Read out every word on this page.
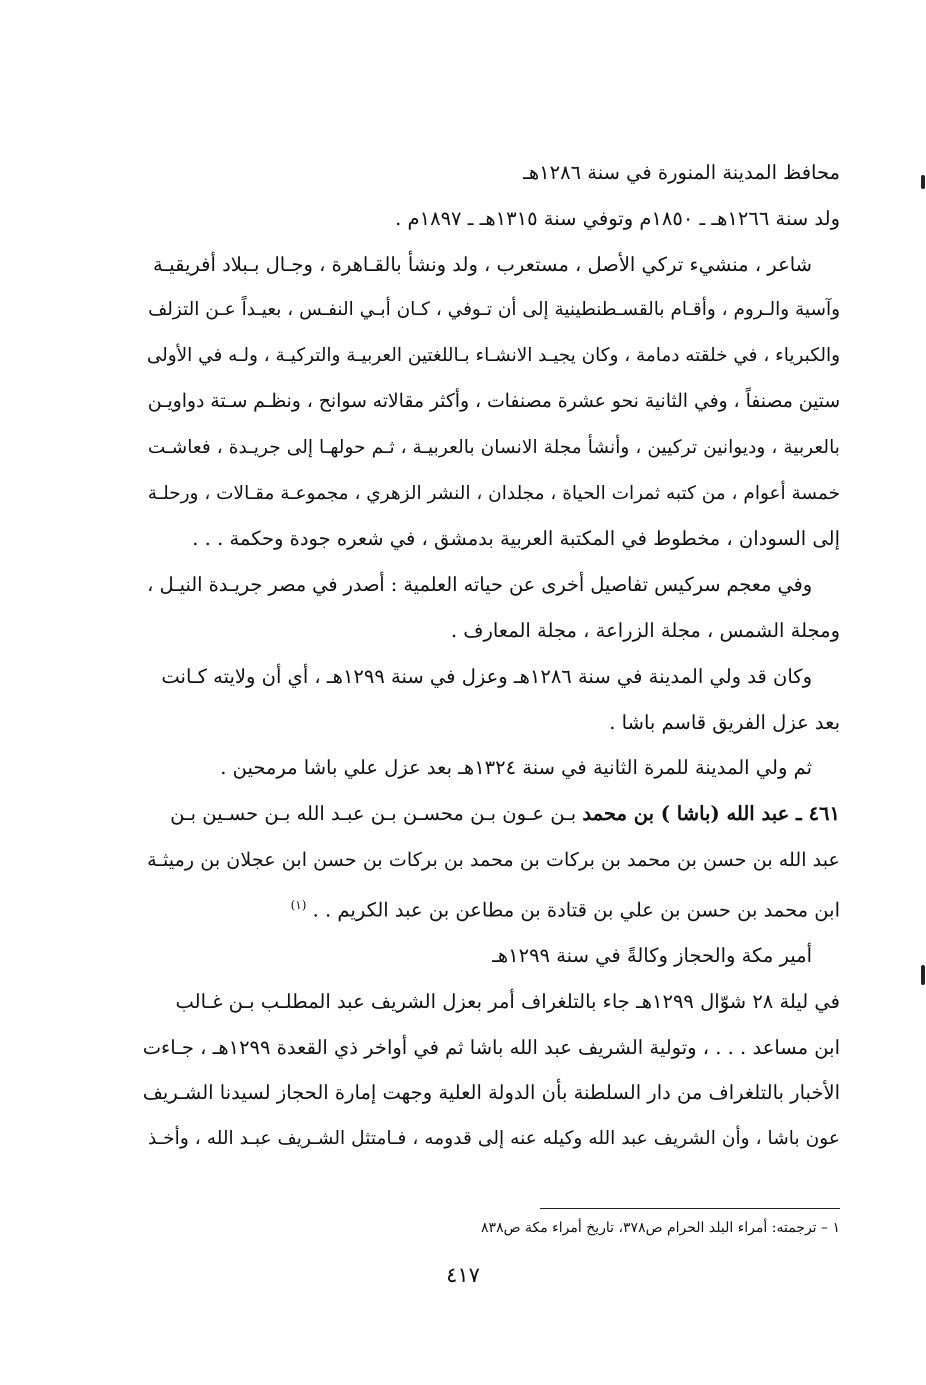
محافظ المدينة المنورة في سنة ١٢٨٦هـ
ولد سنة ١٢٦٦هـ ـ ١٨٥٠م وتوفي سنة ١٣١٥هـ ـ ١٨٩٧م .
شاعر ، منشيء تركي الأصل ، مستعرب ، ولد ونشأ بالقـاهرة ، وجـال بـبلاد أفريقيـة
وآسية والـروم ، وأقـام بالقسـطنطينية إلى أن تـوفي ، كـان أبـي النفـس ، بعيـداً عـن التزلف
والكبرياء ، في خلقته دمامة ، وكان يجيـد الانشـاء بـاللغتين العربيـة والتركيـة ، ولـه في الأولى
ستين مصنفاً ، وفي الثانية نحو عشرة مصنفات ، وأكثر مقالاته سوانح ، ونظـم سـتة دواويـن
بالعربية ، وديوانين تركيين ، وأنشأ مجلة الانسان بالعربيـة ، ثـم حولهـا إلى جريـدة ، فعاشـت
خمسة أعوام ، من كتبه ثمرات الحياة ، مجلدان ، النشر الزهري ، مجموعـة مقـالات ، ورحلـة
إلى السودان ، مخطوط في المكتبة العربية بدمشق ، في شعره جودة وحكمة . . .
وفي معجم سركيس تفاصيل أخرى عن حياته العلمية : أصدر في مصر جريـدة النيـل ،
ومجلة الشمس ، مجلة الزراعة ، مجلة المعارف .
وكان قد ولي المدينة في سنة ١٢٨٦هـ وعزل في سنة ١٢٩٩هـ ، أي أن ولايته كـانت
بعد عزل الفريق قاسم باشا .
ثم ولي المدينة للمرة الثانية في سنة ١٣٢٤هـ بعد عزل علي باشا مرمحين .
٤٦١ ـ عبد الله (باشا ) بن محمد بـن عـون بـن محسـن بـن عبـد الله بـن حسـين بـن
عبد الله بن حسن بن محمد بن بركات بن محمد بن بركات بن حسن ابن عجلان بن رميثـة
ابن محمد بن حسن بن علي بن قتادة بن مطاعن بن عبد الكريم . . $^{(١)}$
أمير مكة والحجاز وكالةً في سنة ١٢٩٩هـ
في ليلة ٢٨ شوّال ١٢٩٩هـ جاء بالتلغراف أمر بعزل الشريف عبد المطلـب بـن غـالب
ابن مساعد . . . ، وتولية الشريف عبد الله باشا ثم في أواخر ذي القعدة ١٢٩٩هـ ، جـاءت
الأخبار بالتلغراف من دار السلطنة بأن الدولة العلية وجهت إمارة الحجاز لسيدنا الشـريف
عون باشا ، وأن الشريف عبد الله وكيله عنه إلى قدومه ، فـامتثل الشـريف عبـد الله ، وأخـذ
١ – ترجمته: أمراء البلد الحرام ص٣٧٨، تاريخ أمراء مكة ص٨٣٨
٤١٧
